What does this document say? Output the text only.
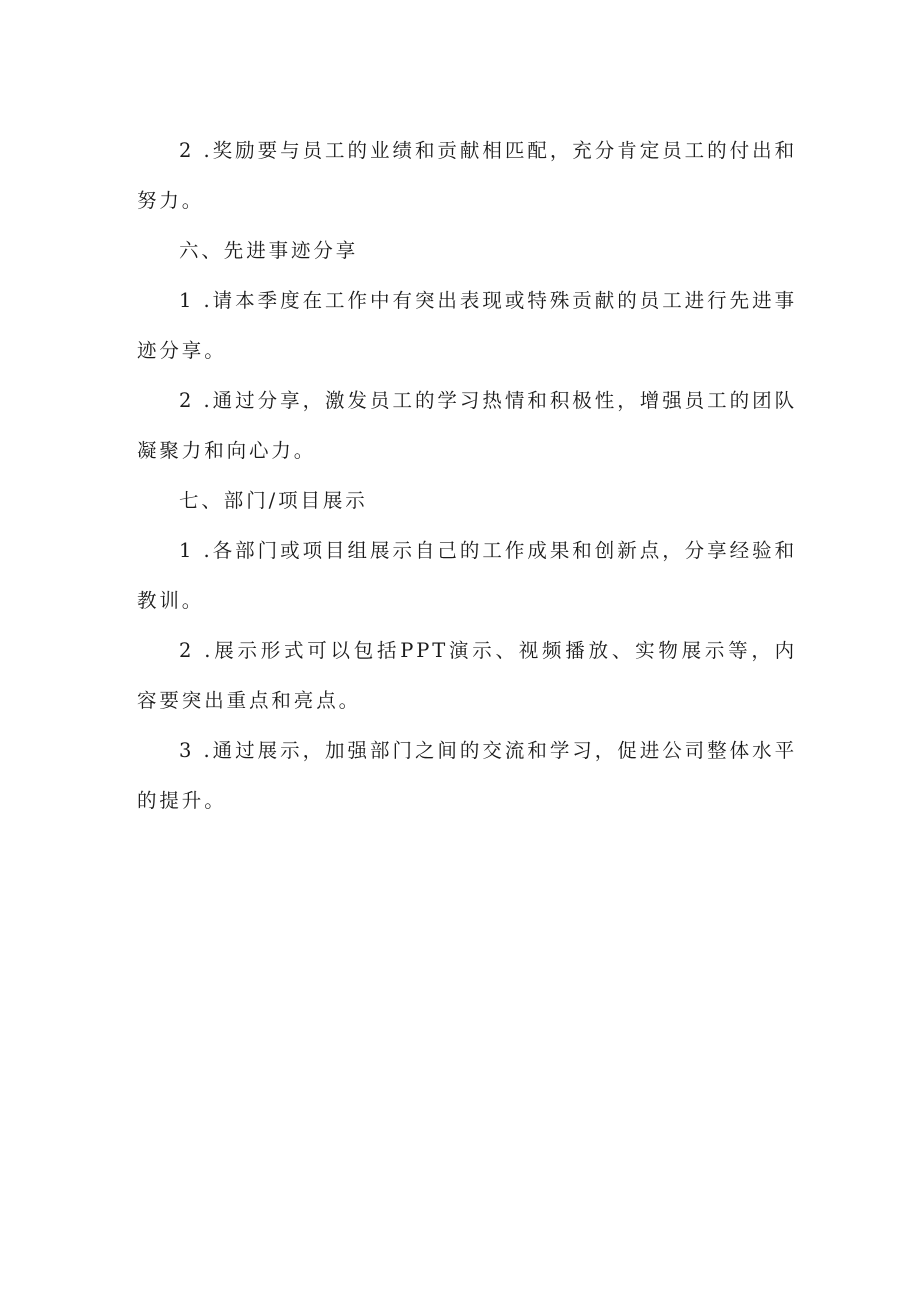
2 .奖励要与员工的业绩和贡献相匹配，充分肯定员工的付出和努力。

六、先进事迹分享

1 .请本季度在工作中有突出表现或特殊贡献的员工进行先进事迹分享。

2 .通过分享，激发员工的学习热情和积极性，增强员工的团队凝聚力和向心力。

七、部门/项目展示

1 .各部门或项目组展示自己的工作成果和创新点，分享经验和教训。

2 .展示形式可以包括PPT演示、视频播放、实物展示等，内容要突出重点和亮点。

3 .通过展示，加强部门之间的交流和学习，促进公司整体水平的提升。
